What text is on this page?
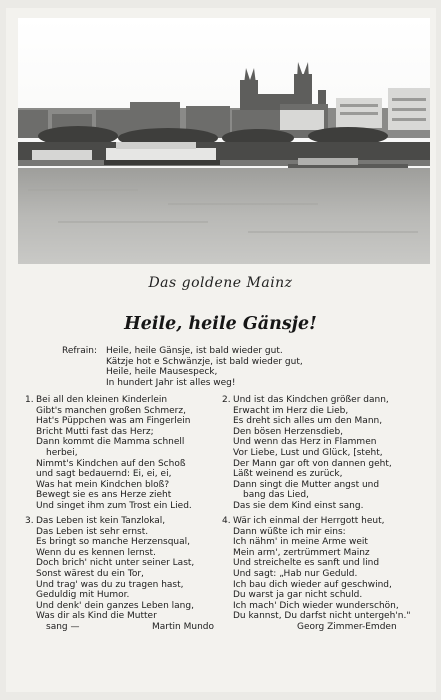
Das goldene Mainz
Heile, heile Gänsje!
Refrain: Heile, heile Gänsje, ist bald wieder gut.
Kätzje hot e Schwänzje, ist bald wieder gut,
Heile, heile Mausespeck,
In hundert Jahr ist alles weg!
1. Bei all den kleinen Kinderlein
Gibt's manchen großen Schmerz,
Hat's Püppchen was am Fingerlein
Bricht Mutti fast das Herz;
Dann kommt die Mamma schnell
herbei,
Nimmt's Kindchen auf den Schoß
und sagt bedauernd: Ei, ei, ei,
Was hat mein Kindchen bloß?
Bewegt sie es ans Herze zieht
Und singet ihm zum Trost ein Lied.
2. Und ist das Kindchen größer dann,
Erwacht im Herz die Lieb,
Es dreht sich alles um den Mann,
Den bösen Herzensdieb,
Und wenn das Herz in Flammen
Vor Liebe, Lust und Glück, [steht,
Der Mann gar oft von dannen geht,
Läßt weinend es zurück,
Dann singt die Mutter angst und
bang das Lied,
Das sie dem Kind einst sang.
3. Das Leben ist kein Tanzlokal,
Das Leben ist sehr ernst.
Es bringt so manche Herzensqual,
Wenn du es kennen lernst.
Doch brich' nicht unter seiner Last,
Sonst wärest du ein Tor,
Und trag' was du zu tragen hast,
Geduldig mit Humor.
Und denk' dein ganzes Leben lang,
Was dir als Kind die Mutter
sang —	Martin Mundo
4. Wär ich einmal der Herrgott heut,
Dann wüßte ich mir eins:
Ich nähm' in meine Arme weit
Mein arm', zertrümmert Mainz
Und streichelte es sanft und lind
Und sagt: „Hab nur Geduld.
Ich bau dich wieder auf geschwind,
Du warst ja gar nicht schuld.
Ich mach' Dich wieder wunderschön,
Du kannst, Du darfst nicht untergeh'n."
Georg Zimmer-Emden
